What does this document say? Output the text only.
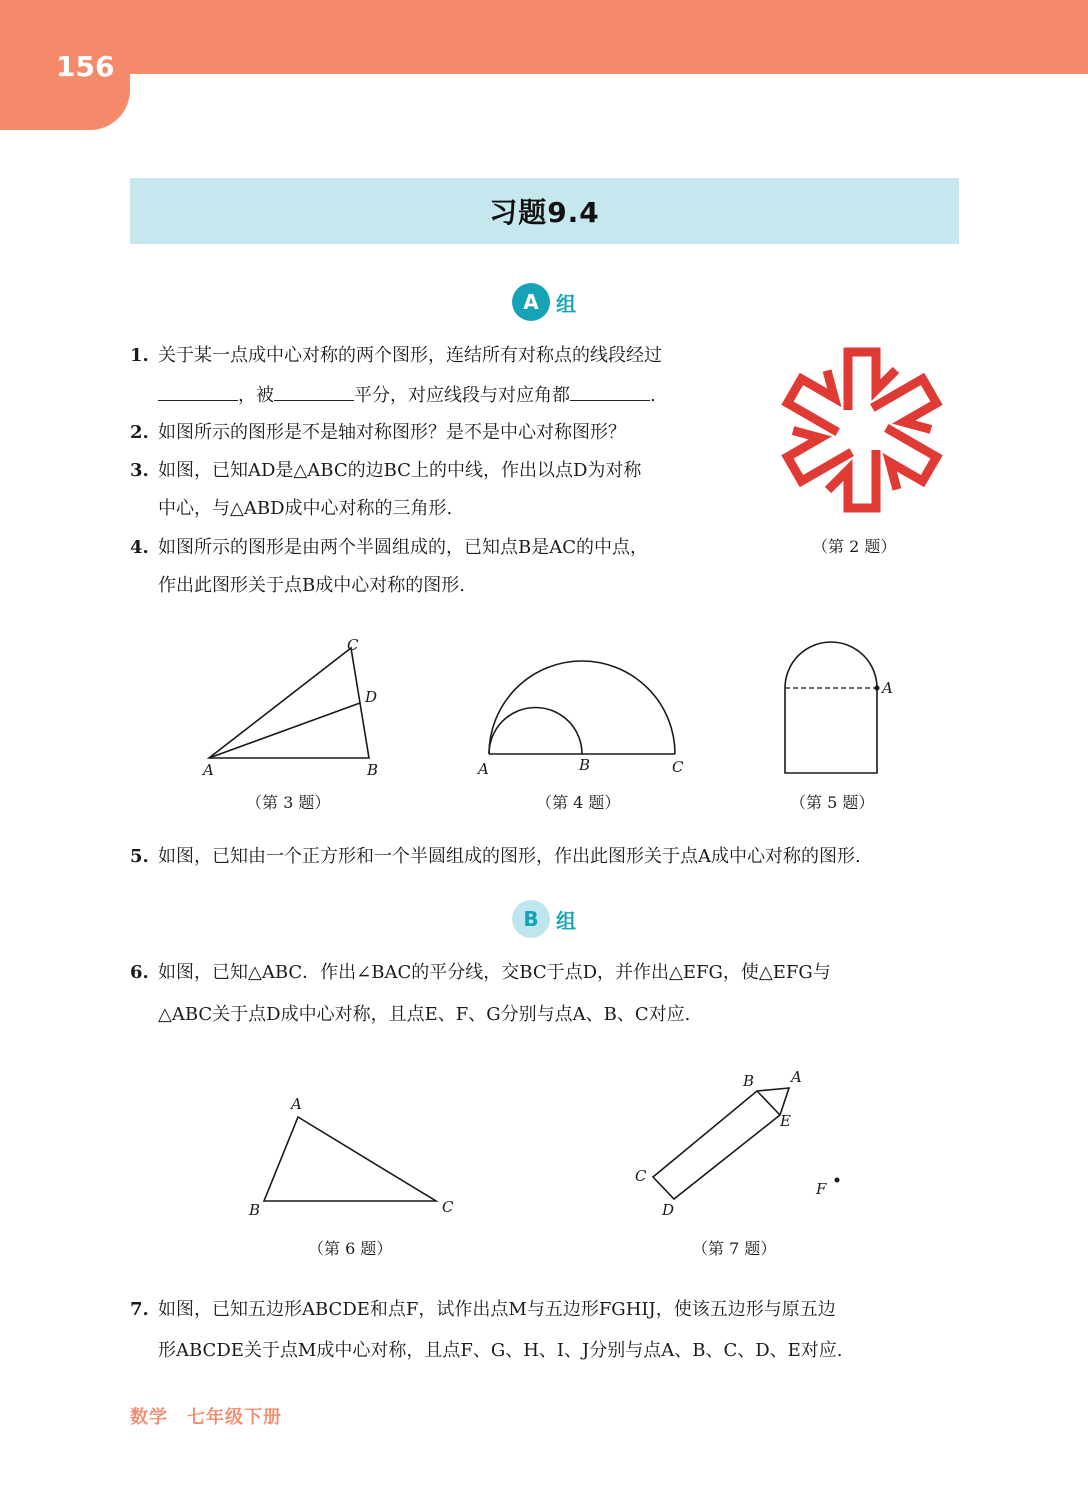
156
习题9.4
A 组
1. 关于某一点成中心对称的两个图形，连结所有对称点的线段经过
，被	平分，对应线段与对应角都	.
2. 如图所示的图形是不是轴对称图形？是不是中心对称图形？
3. 如图，已知AD是△ABC的边BC上的中线，作出以点D为对称
中心，与△ABD成中心对称的三角形.
4. 如图所示的图形是由两个半圆组成的，已知点B是AC的中点，
作出此图形关于点B成中心对称的图形.
（第 2 题）
A	B
C
D
（第 3 题）
A	B	C
（第 4 题）
A
（第 5 题）
5. 如图，已知由一个正方形和一个半圆组成的图形，作出此图形关于点A成中心对称的图形.
B 组
6. 如图，已知△ABC．作出∠BAC的平分线，交BC于点D，并作出△EFG，使△EFG与
△ABC关于点D成中心对称，且点E、F、G分别与点A、B、C对应.
A
B	C
（第 6 题）
A
B
C
D
E
F
（第 7 题）
7. 如图，已知五边形ABCDE和点F，试作出点M与五边形FGHIJ，使该五边形与原五边
形ABCDE关于点M成中心对称，且点F、G、H、I、J分别与点A、B、C、D、E对应.
数学　七年级下册
